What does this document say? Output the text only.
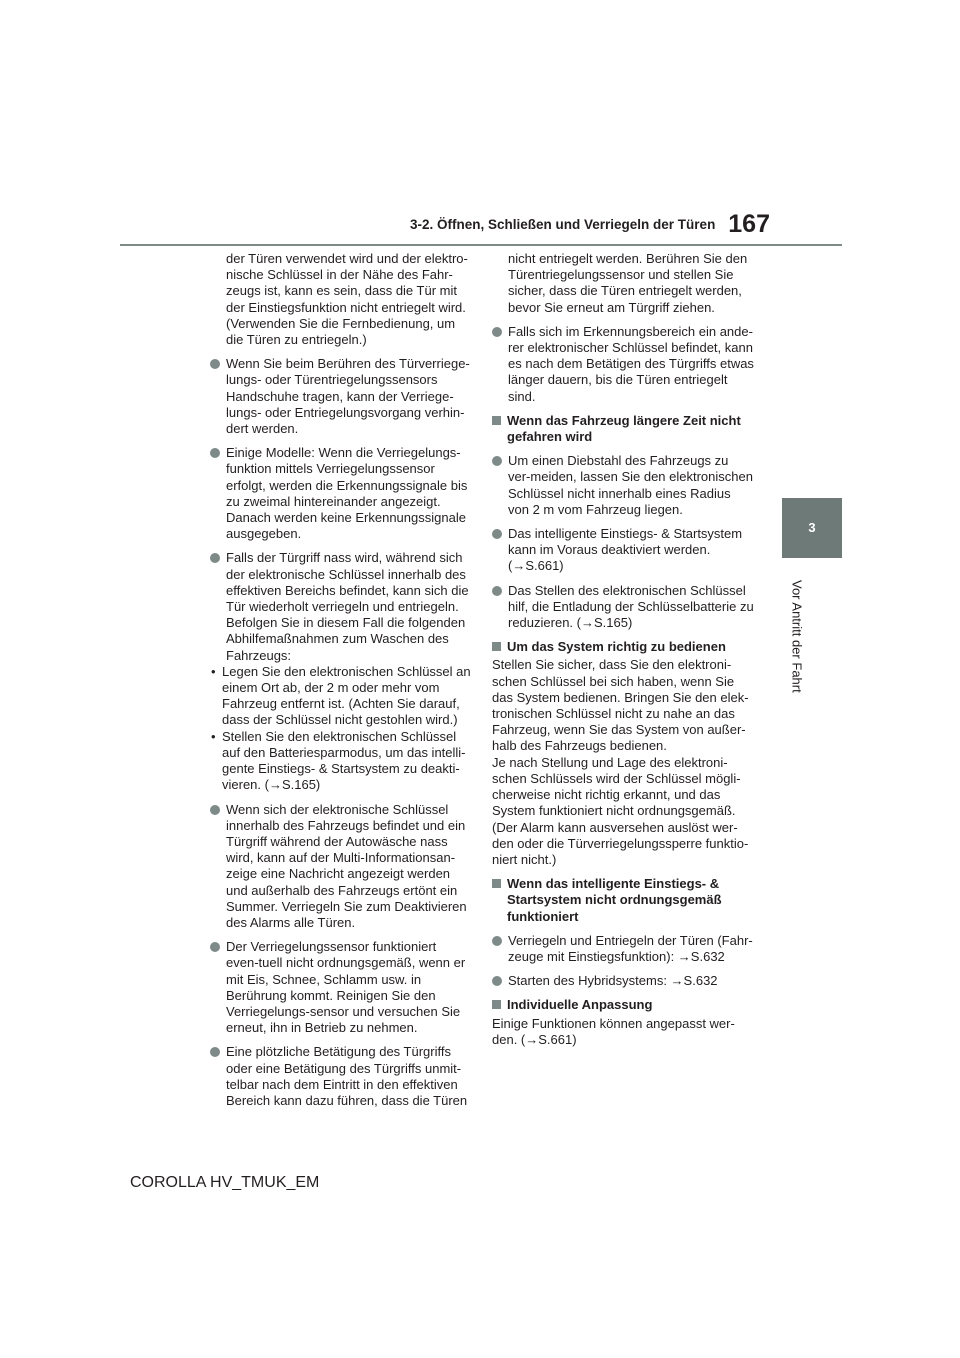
3-2. Öffnen, Schließen und Verriegeln der Türen 167
3
Vor Antritt der Fahrt

der Türen verwendet wird und der elektro-nische Schlüssel in der Nähe des Fahr-zeugs ist, kann es sein, dass die Tür mit der Einstiegsfunktion nicht entriegelt wird. (Verwenden Sie die Fernbedienung, um die Türen zu entriegeln.)

Wenn Sie beim Berühren des Türverriege-lungs- oder Türentriegelungssensors Handschuhe tragen, kann der Verriege-lungs- oder Entriegelungsvorgang verhin-dert werden.
Einige Modelle: Wenn die Verriegelungs-funktion mittels Verriegelungssensor erfolgt, werden die Erkennungssignale bis zu zweimal hintereinander angezeigt. Danach werden keine Erkennungssignale ausgegeben.
Falls der Türgriff nass wird, während sich der elektronische Schlüssel innerhalb des effektiven Bereichs befindet, kann sich die Tür wiederholt verriegeln und entriegeln. Befolgen Sie in diesem Fall die folgenden Abhilfemaßnahmen zum Waschen des Fahrzeugs:
• Legen Sie den elektronischen Schlüssel an einem Ort ab, der 2 m oder mehr vom Fahrzeug entfernt ist. (Achten Sie darauf, dass der Schlüssel nicht gestohlen wird.)
• Stellen Sie den elektronischen Schlüssel auf den Batteriesparmodus, um das intelli-gente Einstiegs- & Startsystem zu deakti-vieren. (→S.165)
Wenn sich der elektronische Schlüssel innerhalb des Fahrzeugs befindet und ein Türgriff während der Autowäsche nass wird, kann auf der Multi-Informationsan-zeige eine Nachricht angezeigt werden und außerhalb des Fahrzeugs ertönt ein Summer. Verriegeln Sie zum Deaktivieren des Alarms alle Türen.
Der Verriegelungssensor funktioniert even-tuell nicht ordnungsgemäß, wenn er mit Eis, Schnee, Schlamm usw. in Berührung kommt. Reinigen Sie den Verriegelungs-sensor und versuchen Sie erneut, ihn in Betrieb zu nehmen.
Eine plötzliche Betätigung des Türgriffs oder eine Betätigung des Türgriffs unmit-telbar nach dem Eintritt in den effektiven Bereich kann dazu führen, dass die Türen

nicht entriegelt werden. Berühren Sie den Türentriegelungssensor und stellen Sie sicher, dass die Türen entriegelt werden, bevor Sie erneut am Türgriff ziehen.

Falls sich im Erkennungsbereich ein ande-rer elektronischer Schlüssel befindet, kann es nach dem Betätigen des Türgriffs etwas länger dauern, bis die Türen entriegelt sind.
Wenn das Fahrzeug längere Zeit nicht gefahren wird
Um einen Diebstahl des Fahrzeugs zu ver-meiden, lassen Sie den elektronischen Schlüssel nicht innerhalb eines Radius von 2 m vom Fahrzeug liegen.
Das intelligente Einstiegs- & Startsystem kann im Voraus deaktiviert werden. (→S.661)
Das Stellen des elektronischen Schlüssel hilf, die Entladung der Schlüsselbatterie zu reduzieren. (→S.165)
Um das System richtig zu bedienen

Stellen Sie sicher, dass Sie den elektroni-schen Schlüssel bei sich haben, wenn Sie das System bedienen. Bringen Sie den elek-tronischen Schlüssel nicht zu nahe an das Fahrzeug, wenn Sie das System von außer-halb des Fahrzeugs bedienen.

Je nach Stellung und Lage des elektroni-schen Schlüssels wird der Schlüssel mögli-cherweise nicht richtig erkannt, und das System funktioniert nicht ordnungsgemäß. (Der Alarm kann ausversehen auslöst wer-den oder die Türverriegelungssperre funktio-niert nicht.)

Wenn das intelligente Einstiegs- & Startsystem nicht ordnungsgemäß funktioniert
Verriegeln und Entriegeln der Türen (Fahr-zeuge mit Einstiegsfunktion): →S.632
Starten des Hybridsystems: →S.632
Individuelle Anpassung

Einige Funktionen können angepasst wer-den. (→S.661)

COROLLA HV_TMUK_EM
